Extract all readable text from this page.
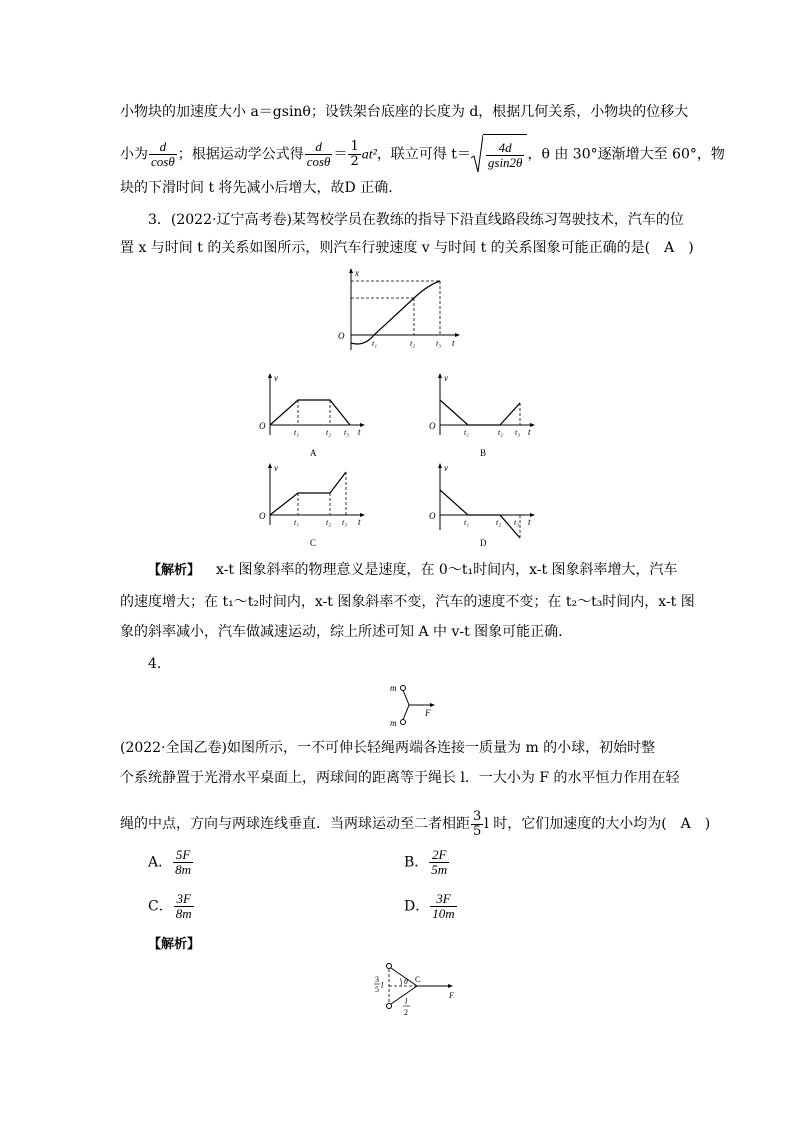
小物块的加速度大小 a＝gsinθ；设铁架台底座的长度为 d，根据几何关系，小物块的位移大
小为 $\frac{d}{\cos\theta}$ ；根据运动学公式得 $\frac{d}{\cos\theta} = \frac{1}{2} at^2$，联立可得 $t= \frac{4d}{gsin2\theta}$ ，θ 由 30°逐渐增大至 60°，物
块的下滑时间 t 将先减小后增大，故D 正确.
3．(2022·辽宁高考卷)某驾校学员在教练的指导下沿直线路段练习驾驶技术，汽车的位
置 x 与时间 t 的关系如图所示，则汽车行驶速度 v 与时间 t 的关系图象可能正确的是(　A　)
x
O
t₁	t₂	t₃ t
v
O
t₁	t₂ t₃ t
A
v
O
t₁	t₂ t₃ t
B
v
O
t₁	t₂ t₃ t
C
v
O
t₁	t₂ t₃ t
D
【解析】 x-t 图象斜率的物理意义是速度，在 0～t₁时间内，x-t 图象斜率增大，汽车
的速度增大；在 t₁～t₂时间内，x-t 图象斜率不变，汽车的速度不变；在 t₂～t₃时间内，x-t 图
象的斜率减小，汽车做减速运动，综上所述可知 A 中 v-t 图象可能正确.
4．
m
m
F
(2022·全国乙卷)如图所示，一不可伸长轻绳两端各连接一质量为 m 的小球，初始时整
个系统静置于光滑水平桌面上，两球间的距离等于绳长 l．一大小为 F 的水平恒力作用在轻
绳的中点，方向与两球连线垂直．当两球运动至二者相距 $\frac{3}{5}$ l 时，它们加速度的大小均为(　A　)
A． $\frac{5F}{8m}$	B． $\frac{2F}{5m}$
C． $\frac{3F}{8m}$	D． $\frac{3F}{10m}$
【解析】
3
5 l	θ C
F
l
2
